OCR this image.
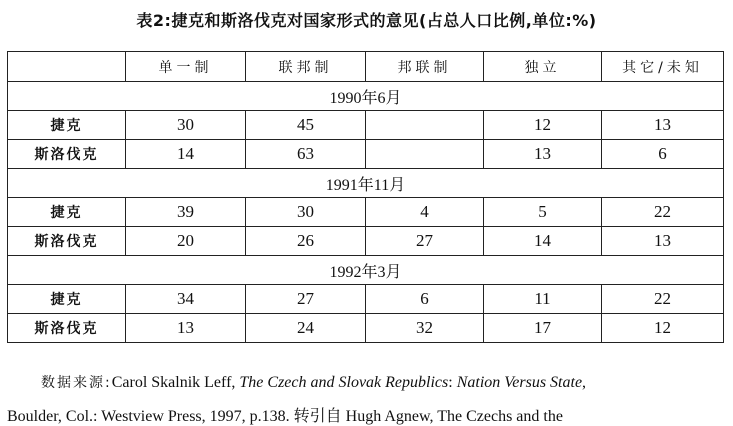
表2:捷克和斯洛伐克对国家形式的意见(占总人口比例,单位:%)
	单一制	联邦制	邦联制	独立	其它/未知
1990年6月					
捷克	30	45		12	13
斯洛伐克	14	63		13	6
1991年11月					
捷克	39	30	4	5	22
斯洛伐克	20	26	27	14	13
1992年3月					
捷克	34	27	6	11	22
斯洛伐克	13	24	32	17	12
数据来源:Carol Skalnik Leff, The Czech and Slovak Republics: Nation Versus State,
Boulder, Col.: Westview Press, 1997, p.138. 转引自 Hugh Agnew, The Czechs and the
